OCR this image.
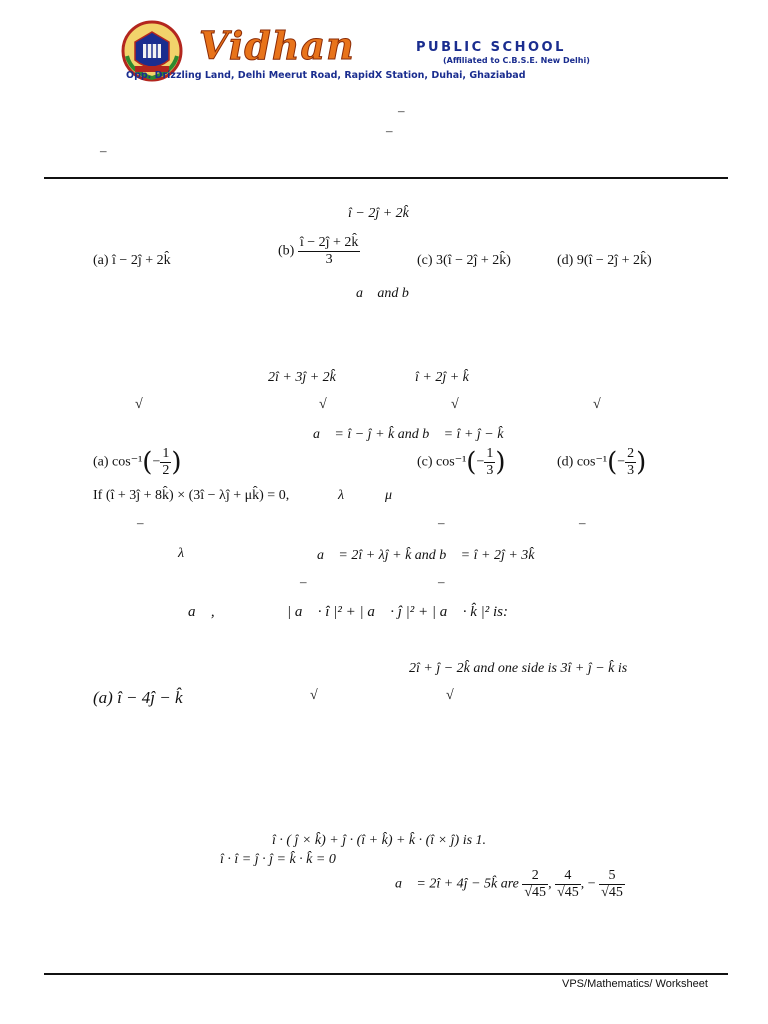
Vidhan	PUBLIC SCHOOL
(Affiliated to C.B.S.E. New Delhi)
Opp. Drizzling Land, Delhi Meerut Road, RapidX Station, Duhai, Ghaziabad
–
–
–
î − 2ĵ + 2k̂
(a) î − 2ĵ + 2k̂
$(b) \frac{î - 2ĵ + 2k̂}{3}$	(c) 3(î − 2ĵ + 2k̂)	(d) 9(î − 2ĵ + 2k̂)
a⃗ and b⃗
2î + 3ĵ + 2k̂	î + 2ĵ + k̂
√	√	√	√
a⃗ = î − ĵ + k̂ and b⃗ = î + ĵ − k̂
(a) $\cos^{-1}(- \frac{1}{2}$ )	(c) $\cos^{-1}(- \frac{1}{3}$ )	(d) $\cos^{-1}(- \frac{2}{3}$ )
If (î + 3ĵ + 8k̂) × (3î − λĵ + μk̂) = 0,	λ	μ
–	–	–
λ	a⃗ = 2î + λĵ + k̂ and b⃗ = î + 2ĵ + 3k̂
–	–
a⃗ ,	| a⃗ · î |² + | a⃗ · ĵ |² + | a⃗ · k̂ |² is:
2î + ĵ − 2k̂ and one side is 3î + ĵ − k̂ is
(a) î − 4ĵ − k̂	√	√
î · ( ĵ × k̂) + ĵ · (î + k̂) + k̂ · (î × ĵ) is 1.
î · î = ĵ · ĵ = k̂ · k̂ = 0
a⃗ = 2î + 4ĵ − 5k̂ are $\frac{2}{√45}$ , $\frac{4}{√45}$ , − $\frac{5}{√45}$
VPS/Mathematics/ Worksheet
